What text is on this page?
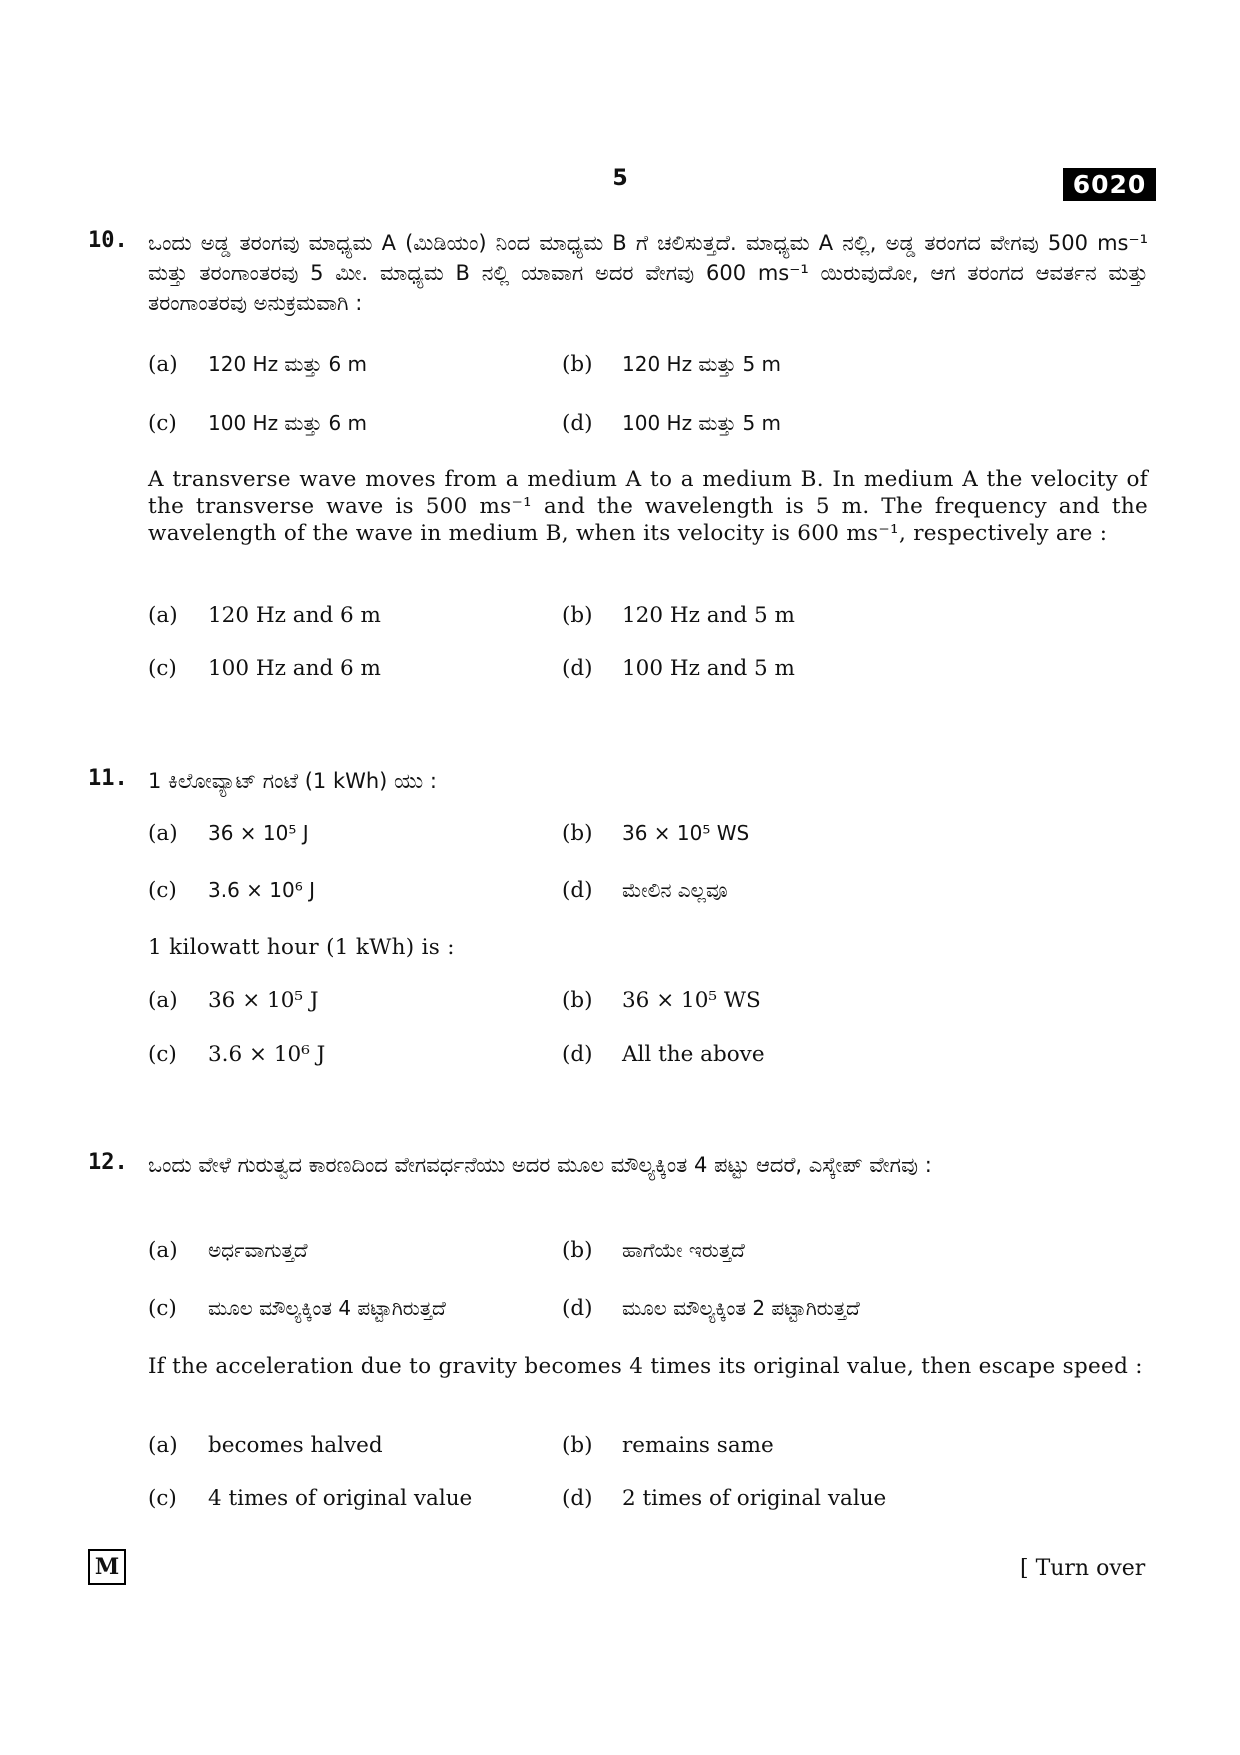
5	6020
10. ಒಂದು ಅಡ್ಡ ತರಂಗವು ಮಾಧ್ಯಮ A (ಮಿಡಿಯಂ) ನಿಂದ ಮಾಧ್ಯಮ B ಗೆ ಚಲಿಸುತ್ತದೆ. ಮಾಧ್ಯಮ A ನಲ್ಲಿ, ಅಡ್ಡ ತರಂಗದ ವೇಗವು 500 ms⁻¹ ಮತ್ತು ತರಂಗಾಂತರವು 5 ಮೀ. ಮಾಧ್ಯಮ B ನಲ್ಲಿ ಯಾವಾಗ ಅದರ ವೇಗವು 600 ms⁻¹ ಯಿರುವುದೋ, ಆಗ ತರಂಗದ ಆವರ್ತನ ಮತ್ತು ತರಂಗಾಂತರವು ಅನುಕ್ರಮವಾಗಿ :
(a) 120 Hz ಮತ್ತು 6 m	(b) 120 Hz ಮತ್ತು 5 m
(c) 100 Hz ಮತ್ತು 6 m	(d) 100 Hz ಮತ್ತು 5 m
A transverse wave moves from a medium A to a medium B. In medium A the velocity of the transverse wave is 500 ms⁻¹ and the wavelength is 5 m. The frequency and the wavelength of the wave in medium B, when its velocity is 600 ms⁻¹, respectively are :
(a) 120 Hz and 6 m	(b) 120 Hz and 5 m
(c) 100 Hz and 6 m	(d) 100 Hz and 5 m
11. 1 ಕಿಲೋವ್ಯಾಟ್ ಗಂಟೆ (1 kWh) ಯು :
(a) 36 × 10⁵ J	(b) 36 × 10⁵ WS
(c) 3.6 × 10⁶ J	(d) ಮೇಲಿನ ಎಲ್ಲವೂ
1 kilowatt hour (1 kWh) is :
(a) 36 × 10⁵ J	(b) 36 × 10⁵ WS
(c) 3.6 × 10⁶ J	(d) All the above
12. ಒಂದು ವೇಳೆ ಗುರುತ್ವದ ಕಾರಣದಿಂದ ವೇಗವರ್ಧನೆಯು ಅದರ ಮೂಲ ಮೌಲ್ಯಕ್ಕಿಂತ 4 ಪಟ್ಟು ಆದರೆ, ಎಸ್ಕೇಪ್ ವೇಗವು :
(a) ಅರ್ಧವಾಗುತ್ತದೆ	(b) ಹಾಗೆಯೇ ಇರುತ್ತದೆ
(c) ಮೂಲ ಮೌಲ್ಯಕ್ಕಿಂತ 4 ಪಟ್ಟಾಗಿರುತ್ತದೆ	(d) ಮೂಲ ಮೌಲ್ಯಕ್ಕಿಂತ 2 ಪಟ್ಟಾಗಿರುತ್ತದೆ
If the acceleration due to gravity becomes 4 times its original value, then escape speed :
(a) becomes halved	(b) remains same
(c) 4 times of original value	(d) 2 times of original value
M	[ Turn over
